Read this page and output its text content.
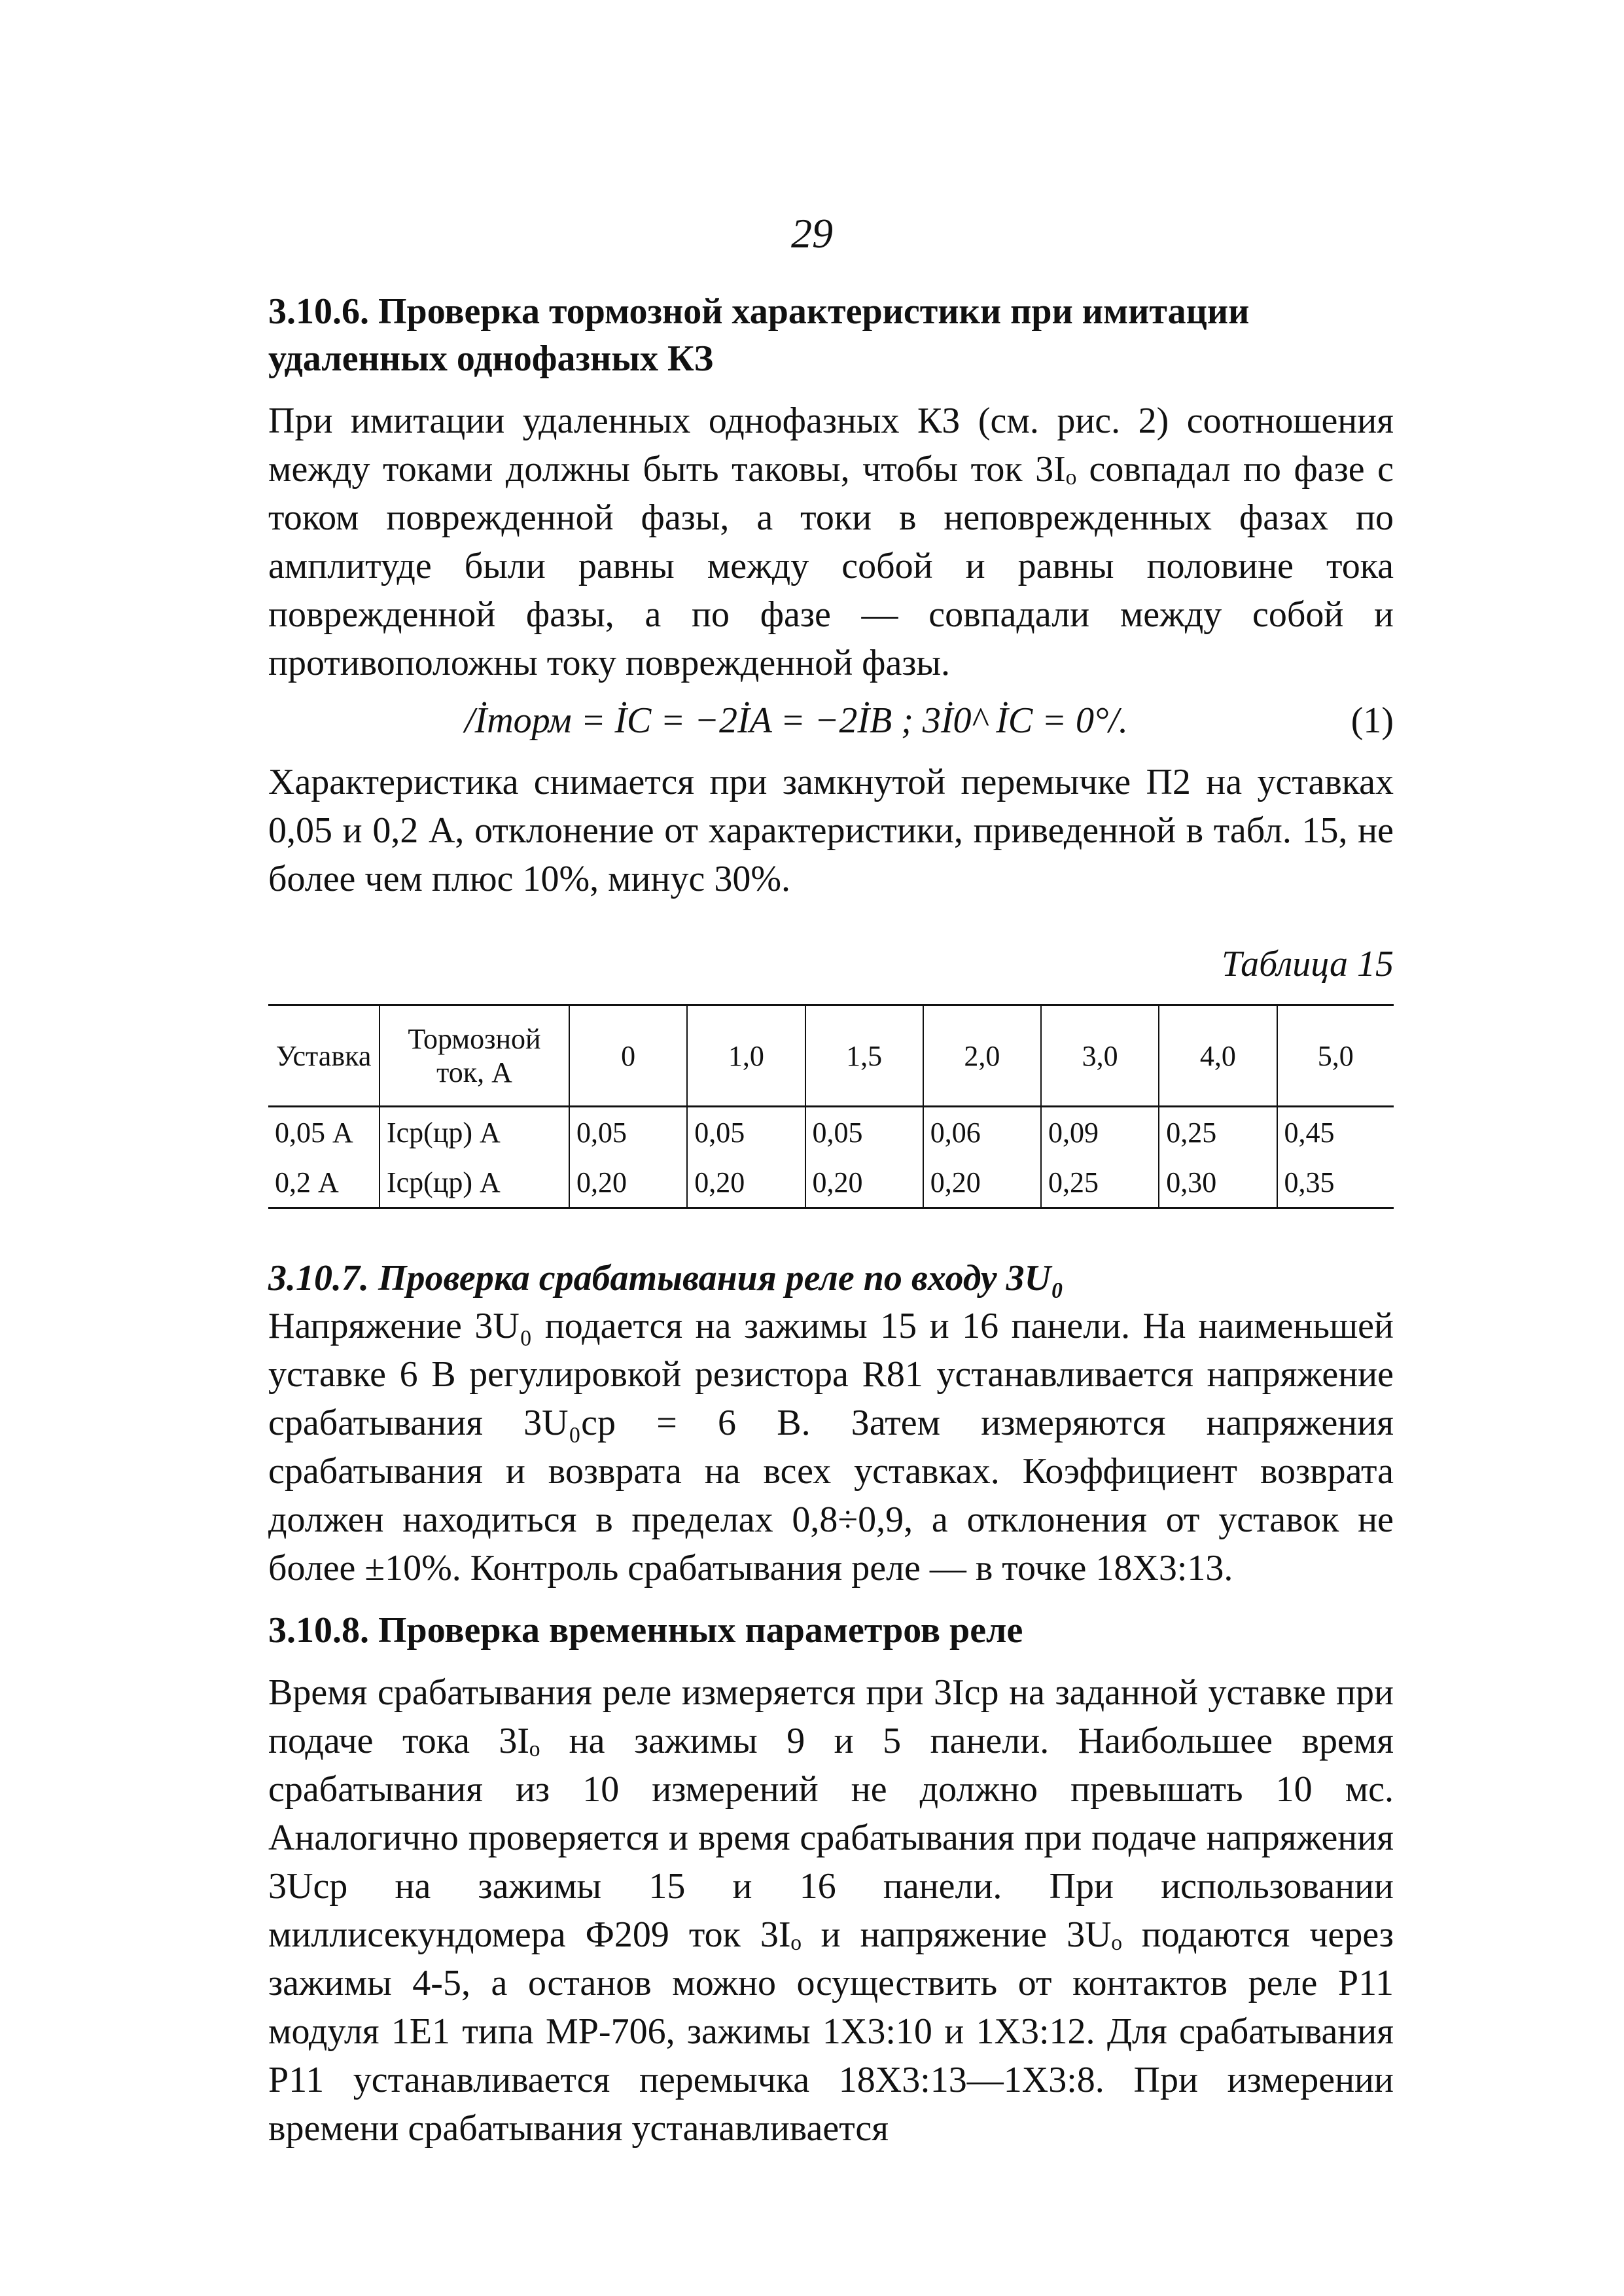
29

3.10.6. Проверка тормозной характеристики при имитации удаленных однофазных КЗ

При имитации удаленных однофазных КЗ (см. рис. 2) соотношения между токами должны быть таковы, чтобы ток 3Iₒ совпадал по фазе с током поврежденной фазы, а токи в неповрежденных фазах по амплитуде были равны между собой и равны половине тока поврежденной фазы, а по фазе — совпадали между собой и противоположны току поврежденной фазы.

/İторм = İC = −2İA = −2İB ; 3İ0^ İC = 0°/.	(1)

Характеристика снимается при замкнутой перемычке П2 на уставках 0,05 и 0,2 А, отклонение от характеристики, приведенной в табл. 15, не более чем плюс 10%, минус 30%.

Таблица 15
Уставка	Тормозной ток, А	0	1,0	1,5	2,0	3,0	4,0	5,0
0,05 А	Iср(цр) А	0,05	0,05	0,05	0,06	0,09	0,25	0,45
0,2 А	Iср(цр) А	0,20	0,20	0,20	0,20	0,25	0,30	0,35

3.10.7. Проверка срабатывания реле по входу 3U₀

Напряжение 3U₀ подается на зажимы 15 и 16 панели. На наименьшей уставке 6 В регулировкой резистора R81 устанавливается напряжение срабатывания 3U₀ср = 6 В. Затем измеряются напряжения срабатывания и возврата на всех уставках. Коэффициент возврата должен находиться в пределах 0,8÷0,9, а отклонения от уставок не более ±10%. Контроль срабатывания реле — в точке 18Х3:13.

3.10.8. Проверка временных параметров реле

Время срабатывания реле измеряется при 3Iср на заданной уставке при подаче тока 3Iₒ на зажимы 9 и 5 панели. Наибольшее время срабатывания из 10 измерений не должно превышать 10 мс. Аналогично проверяется и время срабатывания при подаче напряжения 3Uср на зажимы 15 и 16 панели. При использовании миллисекундомера Ф209 ток 3Iₒ и напряжение 3Uₒ подаются через зажимы 4-5, а останов можно осуществить от контактов реле Р11 модуля 1Е1 типа МР-706, зажимы 1Х3:10 и 1Х3:12. Для срабатывания Р11 устанавливается перемычка 18Х3:13—1Х3:8. При измерении времени срабатывания устанавливается
